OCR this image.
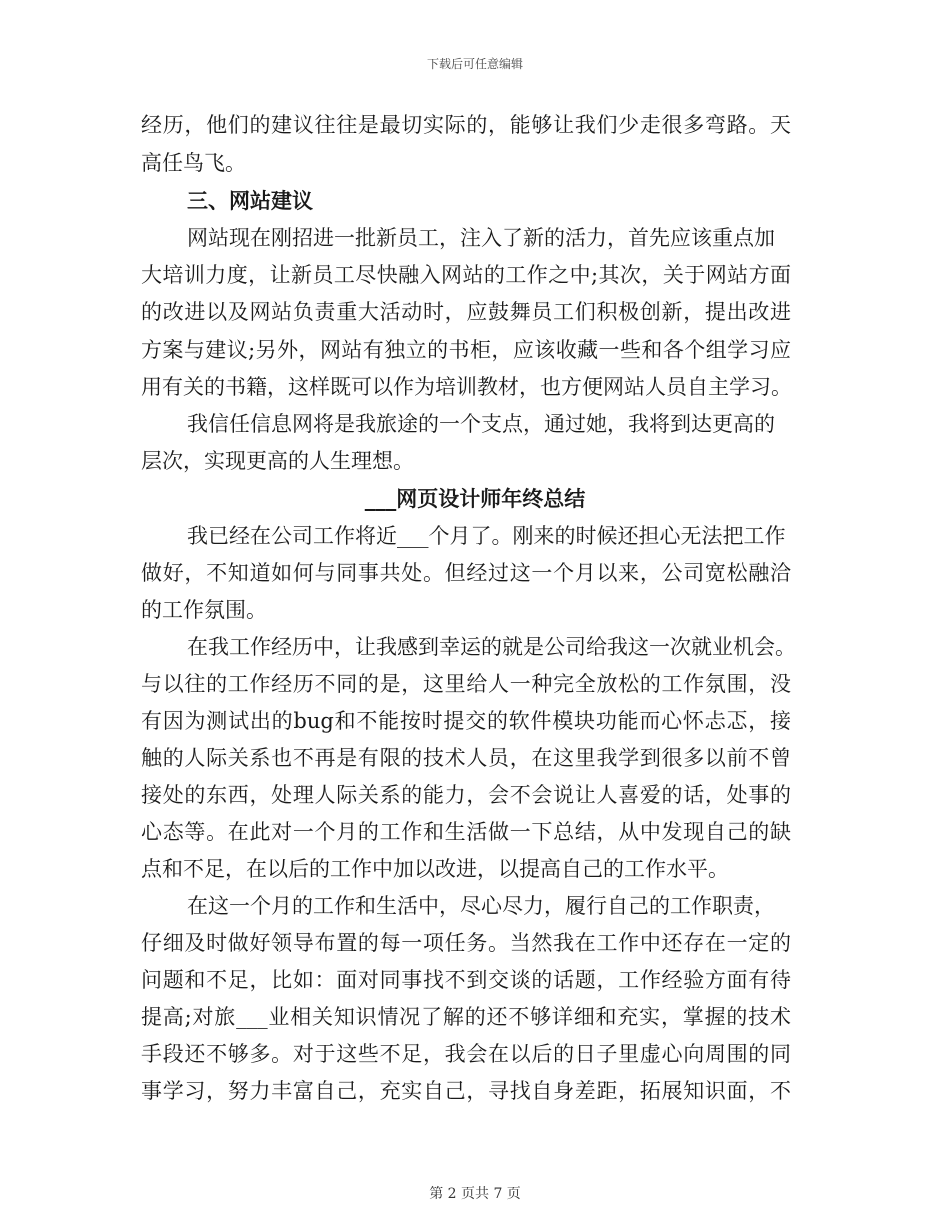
下载后可任意编辑
经历，他们的建议往往是最切实际的，能够让我们少走很多弯路。天
高任鸟飞。
三、网站建议
网站现在刚招进一批新员工，注入了新的活力，首先应该重点加
大培训力度，让新员工尽快融入网站的工作之中;其次，关于网站方面
的改进以及网站负责重大活动时，应鼓舞员工们积极创新，提出改进
方案与建议;另外，网站有独立的书柜，应该收藏一些和各个组学习应
用有关的书籍，这样既可以作为培训教材，也方便网站人员自主学习。
我信任信息网将是我旅途的一个支点，通过她，我将到达更高的
层次，实现更高的人生理想。
___网页设计师年终总结
我已经在公司工作将近___个月了。刚来的时候还担心无法把工作
做好，不知道如何与同事共处。但经过这一个月以来，公司宽松融洽
的工作氛围。
在我工作经历中，让我感到幸运的就是公司给我这一次就业机会。
与以往的工作经历不同的是，这里给人一种完全放松的工作氛围，没
有因为测试出的bug和不能按时提交的软件模块功能而心怀忐忑，接
触的人际关系也不再是有限的技术人员，在这里我学到很多以前不曾
接处的东西，处理人际关系的能力，会不会说让人喜爱的话，处事的
心态等。在此对一个月的工作和生活做一下总结，从中发现自己的缺
点和不足，在以后的工作中加以改进，以提高自己的工作水平。
在这一个月的工作和生活中，尽心尽力，履行自己的工作职责，
仔细及时做好领导布置的每一项任务。当然我在工作中还存在一定的
问题和不足，比如：面对同事找不到交谈的话题，工作经验方面有待
提高;对旅___业相关知识情况了解的还不够详细和充实，掌握的技术
手段还不够多。对于这些不足，我会在以后的日子里虚心向周围的同
事学习，努力丰富自己，充实自己，寻找自身差距，拓展知识面，不
第 2 页共 7 页
